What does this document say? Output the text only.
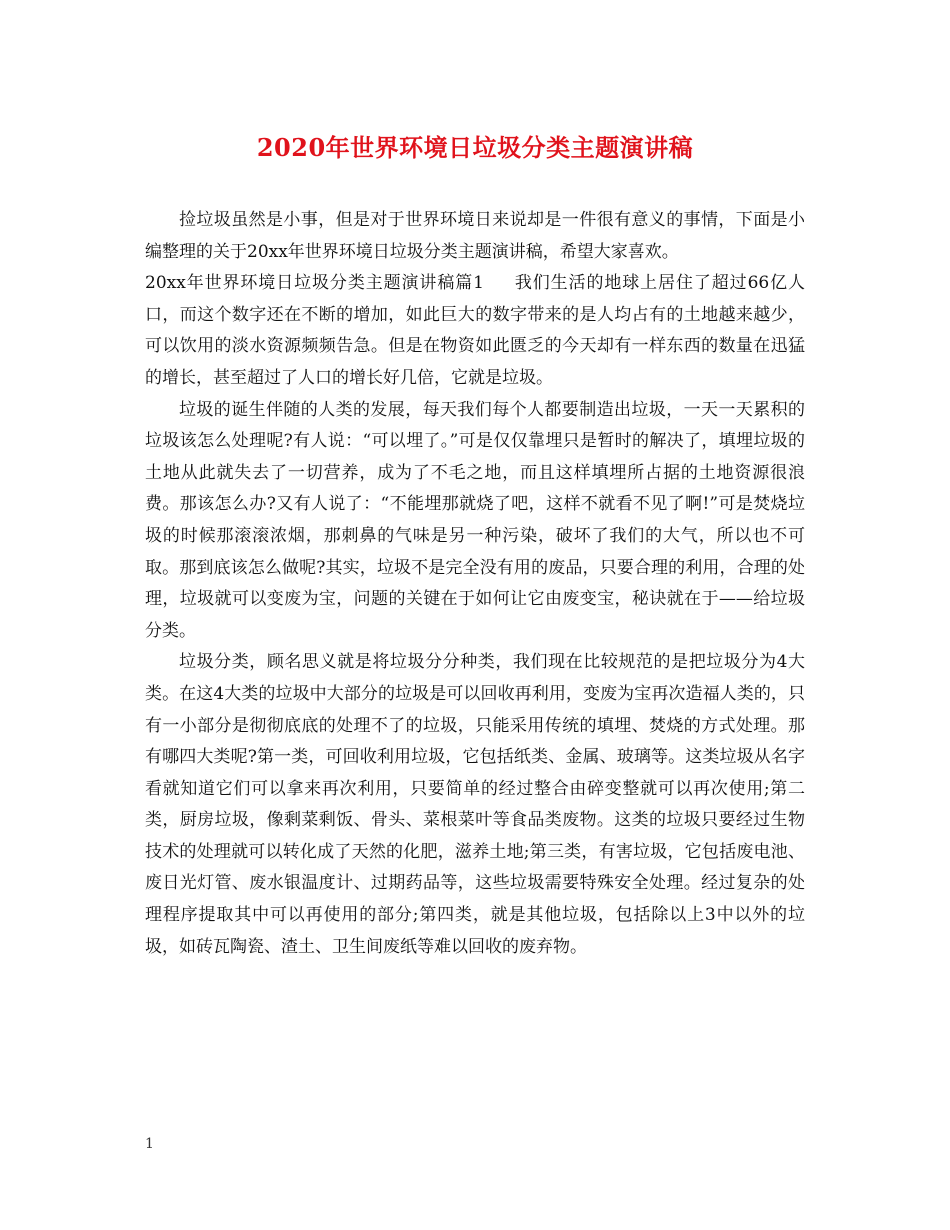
2020年世界环境日垃圾分类主题演讲稿

捡垃圾虽然是小事，但是对于世界环境日来说却是一件很有意义的事情，下面是小编整理的关于20xx年世界环境日垃圾分类主题演讲稿，希望大家喜欢。

20xx年世界环境日垃圾分类主题演讲稿篇1 我们生活的地球上居住了超过66亿人口，而这个数字还在不断的增加，如此巨大的数字带来的是人均占有的土地越来越少，可以饮用的淡水资源频频告急。但是在物资如此匮乏的今天却有一样东西的数量在迅猛的增长，甚至超过了人口的增长好几倍，它就是垃圾。

垃圾的诞生伴随的人类的发展，每天我们每个人都要制造出垃圾，一天一天累积的垃圾该怎么处理呢?有人说：“可以埋了。”可是仅仅靠埋只是暂时的解决了，填埋垃圾的土地从此就失去了一切营养，成为了不毛之地，而且这样填埋所占据的土地资源很浪费。那该怎么办?又有人说了：“不能埋那就烧了吧，这样不就看不见了啊!”可是焚烧垃圾的时候那滚滚浓烟，那刺鼻的气味是另一种污染，破坏了我们的大气，所以也不可取。那到底该怎么做呢?其实，垃圾不是完全没有用的废品，只要合理的利用，合理的处理，垃圾就可以变废为宝，问题的关键在于如何让它由废变宝，秘诀就在于——给垃圾分类。

垃圾分类，顾名思义就是将垃圾分分种类，我们现在比较规范的是把垃圾分为4大类。在这4大类的垃圾中大部分的垃圾是可以回收再利用，变废为宝再次造福人类的，只有一小部分是彻彻底底的处理不了的垃圾，只能采用传统的填埋、焚烧的方式处理。那有哪四大类呢?第一类，可回收利用垃圾，它包括纸类、金属、玻璃等。这类垃圾从名字看就知道它们可以拿来再次利用，只要简单的经过整合由碎变整就可以再次使用;第二类，厨房垃圾，像剩菜剩饭、骨头、菜根菜叶等食品类废物。这类的垃圾只要经过生物技术的处理就可以转化成了天然的化肥，滋养土地;第三类，有害垃圾，它包括废电池、废日光灯管、废水银温度计、过期药品等，这些垃圾需要特殊安全处理。经过复杂的处理程序提取其中可以再使用的部分;第四类，就是其他垃圾，包括除以上3中以外的垃圾，如砖瓦陶瓷、渣土、卫生间废纸等难以回收的废弃物。

1
